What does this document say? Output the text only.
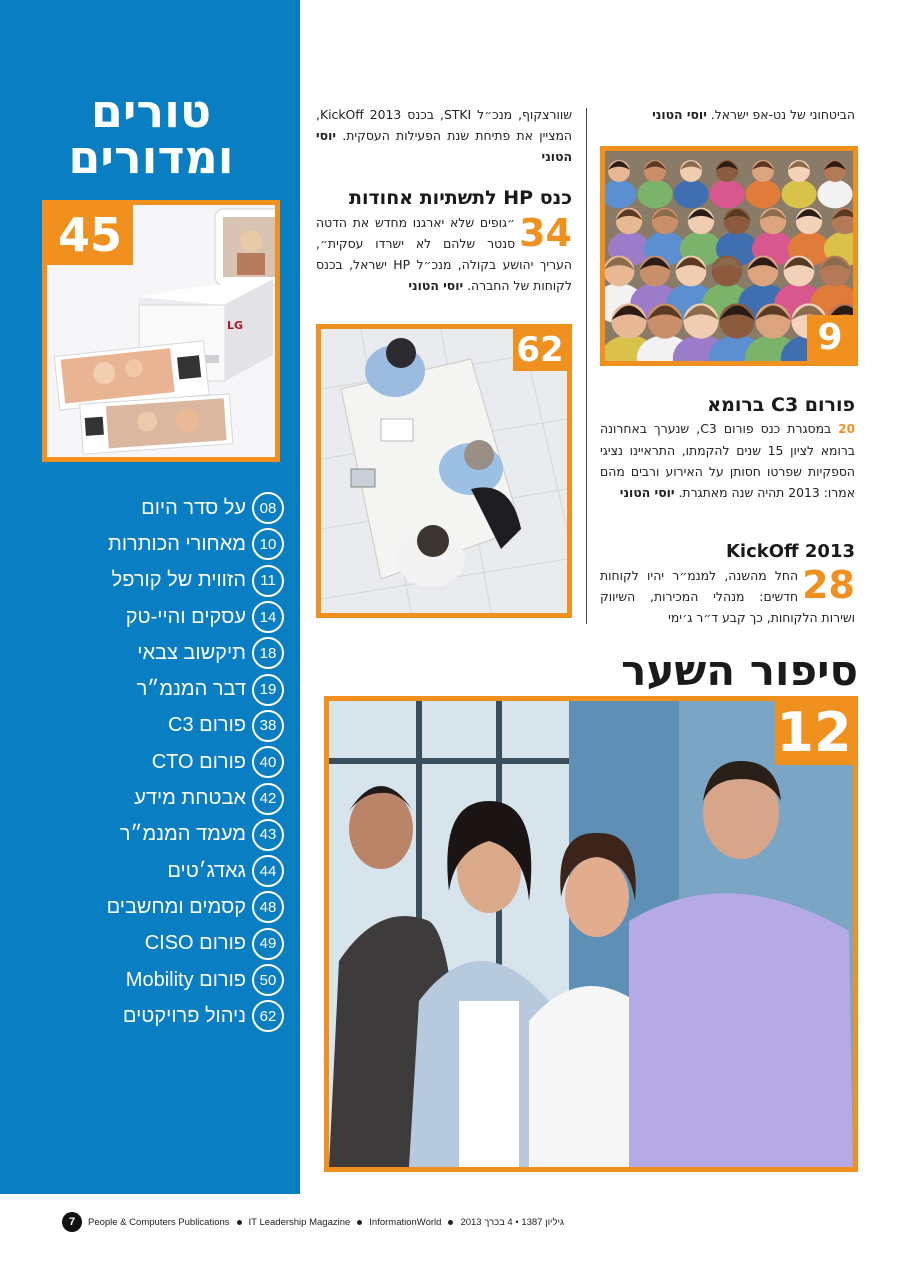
טורים ומדורים
LG
45
08
על סדר היום
10
מאחורי הכותרות
11
הזווית של קורפל
14
עסקים והיי-טק
18
תיקשוב צבאי
19
דבר המנמ״ר
38
פורום C3
40
פורום CTO
42
אבטחת מידע
43
מעמד המנמ״ר
44
גאדג׳טים
48
קסמים ומחשבים
49
פורום CISO
50
פורום Mobility
62
ניהול פרויקטים
הביטחוני של נט-אפ ישראל. יוסי הטוני
9
פורום C3 ברומא
20 במסגרת כנס פורום C3, שנערך באחרונה ברומא לציון 15 שנים להקמתו, התראיינו נציגי הספקיות שפרטו חסותן על האירוע ורבים מהם אמרו: 2013 תהיה שנה מאתגרת. יוסי הטוני
KickOff 2013
28
החל מהשנה, למנמ״ר יהיו לקוחות חדשים: מנהלי המכירות, השיווק ושירות הלקוחות, כך קבע ד״ר ג׳ימי
שוורצקוף, מנכ״ל STKI, בכנס KickOff 2013, המציין את פתיחת שנת הפעילות העסקית. יוסי הטוני
כנס HP לתשתיות אחודות
34
״גופים שלא יארגנו מחדש את הדטה סנטר שלהם לא ישרדו עסקית״, העריך יהושע בקולה, מנכ״ל HP ישראל, בכנס לקוחות של החברה. יוסי הטוני
62
סיפור השער
12
7	People & Computers Publications IT Leadership Magazine InformationWorld גיליון 1387 • 4 בכרך 2013
